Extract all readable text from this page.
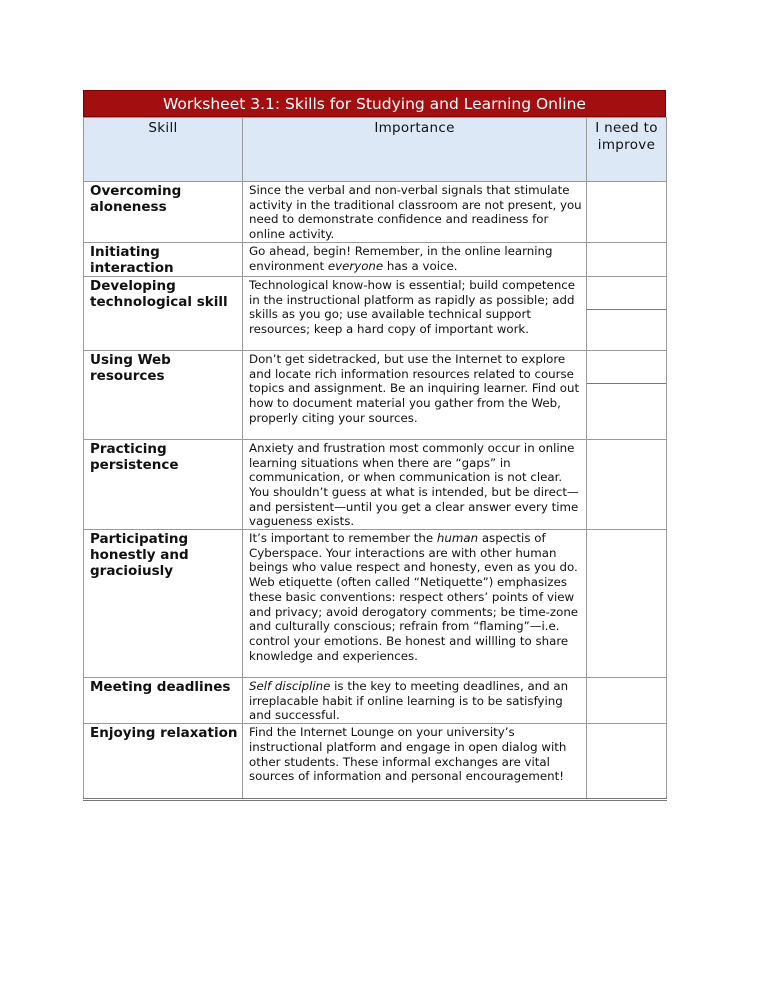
Worksheet 3.1: Skills for Studying and Learning Online
Skill	Importance	I need to improve
Overcoming aloneness	Since the verbal and non-verbal signals that stimulate activity in the traditional classroom are not present, you need to demonstrate confidence and readiness for online activity.	
Initiating interaction	Go ahead, begin! Remember, in the online learning environment everyone has a voice.	
Developing technological skill	Technological know-how is essential; build competence in the instructional platform as rapidly as possible; add skills as you go; use available technical support resources; keep a hard copy of important work.	

Using Web resources	Don’t get sidetracked, but use the Internet to explore and locate rich information resources related to course topics and assignment. Be an inquiring learner. Find out how to document material you gather from the Web, properly citing your sources.	

Practicing persistence	Anxiety and frustration most commonly occur in online learning situations when there are “gaps” in communication, or when communication is not clear. You shouldn’t guess at what is intended, but be direct—and persistent—until you get a clear answer every time vagueness exists.	
Participating honestly and gracioiusly	It’s important to remember the human aspectis of Cyberspace. Your interactions are with other human beings who value respect and honesty, even as you do. Web etiquette (often called “Netiquette”) emphasizes these basic conventions: respect others’ points of view and privacy; avoid derogatory comments; be time-zone and culturally conscious; refrain from “flaming”—i.e. control your emotions. Be honest and willling to share knowledge and experiences.	
Meeting deadlines	Self discipline is the key to meeting deadlines, and an irreplacable habit if online learning is to be satisfying and successful.	
Enjoying relaxation	Find the Internet Lounge on your university’s instructional platform and engage in open dialog with other students. These informal exchanges are vital sources of information and personal encouragement!	
